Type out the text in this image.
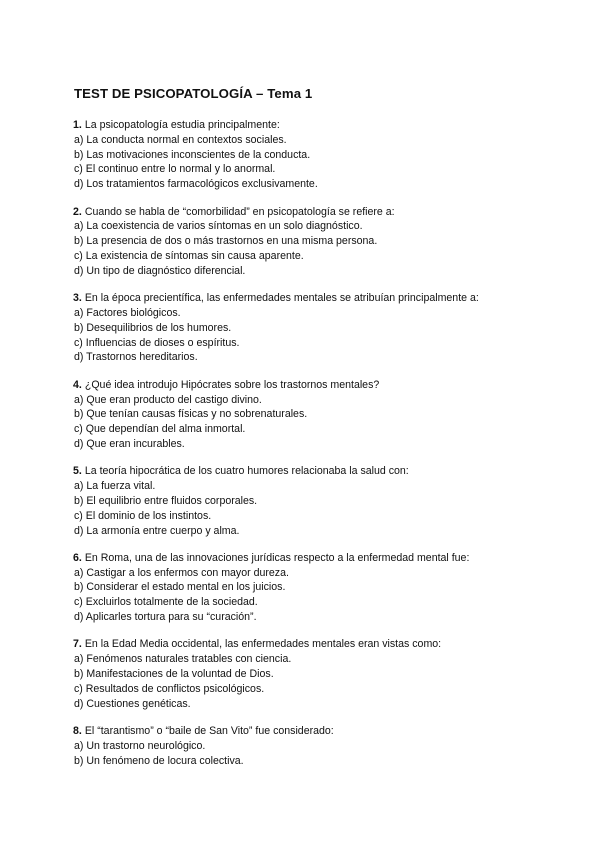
TEST DE PSICOPATOLOGÍA – Tema 1
1. La psicopatología estudia principalmente:
a) La conducta normal en contextos sociales.
b) Las motivaciones inconscientes de la conducta.
c) El continuo entre lo normal y lo anormal.
d) Los tratamientos farmacológicos exclusivamente.
2. Cuando se habla de “comorbilidad” en psicopatología se refiere a:
a) La coexistencia de varios síntomas en un solo diagnóstico.
b) La presencia de dos o más trastornos en una misma persona.
c) La existencia de síntomas sin causa aparente.
d) Un tipo de diagnóstico diferencial.
3. En la época precientífica, las enfermedades mentales se atribuían principalmente a:
a) Factores biológicos.
b) Desequilibrios de los humores.
c) Influencias de dioses o espíritus.
d) Trastornos hereditarios.
4. ¿Qué idea introdujo Hipócrates sobre los trastornos mentales?
a) Que eran producto del castigo divino.
b) Que tenían causas físicas y no sobrenaturales.
c) Que dependían del alma inmortal.
d) Que eran incurables.
5. La teoría hipocrática de los cuatro humores relacionaba la salud con:
a) La fuerza vital.
b) El equilibrio entre fluidos corporales.
c) El dominio de los instintos.
d) La armonía entre cuerpo y alma.
6. En Roma, una de las innovaciones jurídicas respecto a la enfermedad mental fue:
a) Castigar a los enfermos con mayor dureza.
b) Considerar el estado mental en los juicios.
c) Excluirlos totalmente de la sociedad.
d) Aplicarles tortura para su “curación”.
7. En la Edad Media occidental, las enfermedades mentales eran vistas como:
a) Fenómenos naturales tratables con ciencia.
b) Manifestaciones de la voluntad de Dios.
c) Resultados de conflictos psicológicos.
d) Cuestiones genéticas.
8. El “tarantismo” o “baile de San Vito” fue considerado:
a) Un trastorno neurológico.
b) Un fenómeno de locura colectiva.
